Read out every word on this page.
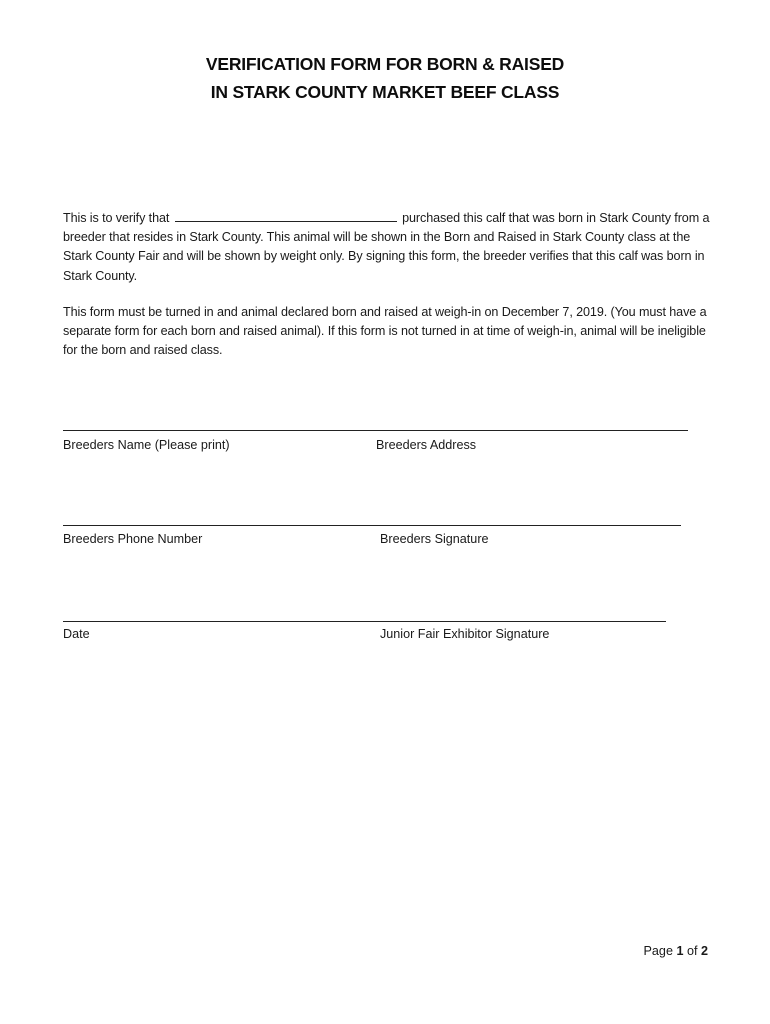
VERIFICATION FORM FOR BORN & RAISED
IN STARK COUNTY MARKET BEEF CLASS
This is to verify that	purchased this calf that was born in Stark County from a breeder that resides in Stark County. This animal will be shown in the Born and Raised in Stark County class at the Stark County Fair and will be shown by weight only. By signing this form, the breeder verifies that this calf was born in Stark County.
This form must be turned in and animal declared born and raised at weigh-in on December 7, 2019. (You must have a separate form for each born and raised animal). If this form is not turned in at time of weigh-in, animal will be ineligible for the born and raised class.
Breeders Name (Please print)	Breeders Address
Breeders Phone Number	Breeders Signature
Date	Junior Fair Exhibitor Signature
Page 1 of 2
